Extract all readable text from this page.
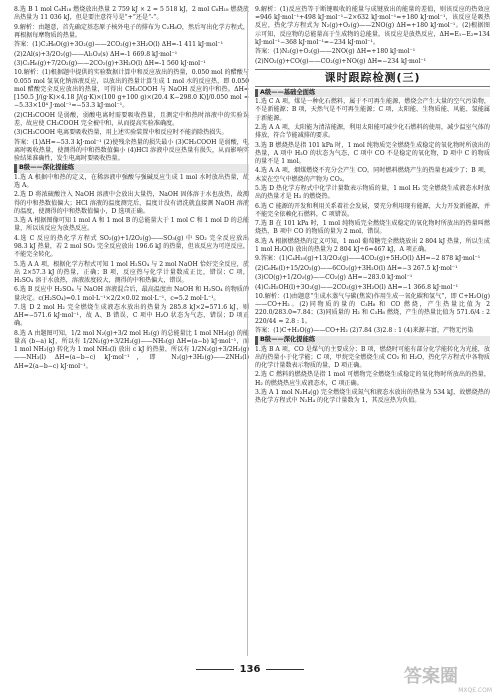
8.选 B 1 mol C₈H₁₈ 燃烧放出热量 2 759 kJ × 2 = 5 518 kJ，2 mol C₈H₁₈ 燃烧放出热量为 11 036 kJ，但是要注意符号是“+”还是“-”。

9.解析：由题意，首先确定基态原子核外电子的排布为 C₂H₆O，然后写出化学方程式，再根据每摩物质的热量。

答案：(1)C₂H₆O(g)+3O₂(g)——2CO₂(g)+3H₂O(l) ΔH=-1 411 kJ·mol⁻¹

(2)2Al(s)+3/2O₂(g)——Al₂O₃(s) ΔH=-1 669.8 kJ·mol⁻¹

(3)C₂H₆(g)+7/2O₂(g)——2CO₂(g)+3H₂O(l) ΔH=-1 560 kJ·mol⁻¹

10.解析：(1)根据题中提供的实验数据计算中和反应放出的热量，0.050 mol 的醋酸与 0.055 mol 氢氧化钠溶液反应，以放出的热量计算生成 1 mol 水的反应热，即 0.050 mol 醋酸完全反应放出的热量，可得出 CH₃COOH 与 NaOH 反应的中和热。ΔH=[150.5 J/(g·K)×4.18 J/(g·K)×(100 g+100 g)×(20.4 K−298.0 K)]/0.050 mol ≈ −5.33×10⁴ J·mol⁻¹=−53.3 kJ·mol⁻¹。

(2)CH₃COOH 是弱酸，弱酸电离时需要吸收热量，且测定中和热时溶液中的实验误差，故应使 CH₃COOH 完全被中和，从而提高实验准确度。

(3)CH₃COOH 电离要吸收热量，用上述实验装置中和反应时不能消除热损失。

答案：(1)ΔH=−53.3 kJ·mol⁻¹ (2)使残余热量的损失最小 (3)CH₃COOH 是弱酸，电离时吸收热量，使测得的中和热数值偏小 (4)HCl 溶液中反应热量有损失，从而影响实验结果准确性，发生电离时要吸收热量。

B级——深化提能练

1.选 A 根据中和热的定义，在稀溶液中强酸与强碱反应生成 1 mol 水时放出热量，故选 A。

2.选 D 将浓硫酸注入 NaOH 溶液中会放出大量热，NaOH 固体溶于水也放热，故测得的中和热数值偏大；HCl 溶液的温度测完后，温度计没有清洗就直接测 NaOH 溶液的温度，使测得的中和热数值偏小，D 选项正确。

3.选 A 根据图像可知 1 mol A 和 1 mol B 的总能量大于 1 mol C 和 1 mol D 的总能量，所以该反应为放热反应。

4.选 C 反应的热化学方程式 SO₂(g)+1/2O₂(g)——SO₃(g) 中 SO₂ 完全反应放出 98.3 kJ 热量，若 2 mol SO₂ 完全反应放出 196.6 kJ 的热量，但该反应为可逆反应，不能完全转化。

5.选 A A 项，根据化学方程式可知 1 mol H₂SO₄ 与 2 mol NaOH 恰好完全反应，放出 2×57.3 kJ 的热量，正确；B 项，反应热与化学计量数成正比，错误；C 项，H₂SO₄ 溶于水放热，溶液浓度较大，测得的中和热偏大，错误。

6.选 B 反应中 H₂SO₄ 与 NaOH 溶液混合后，最高温度由 NaOH 和 H₂SO₄ 的物质的量决定。c(H₂SO₄)=0.1 mol·L⁻¹×2/2×0.02 mol·L⁻¹，c=5.2 mol·L⁻¹。

7.选 D 2 mol H₂ 完全燃烧生成液态水放出的热量为 285.8 kJ×2=571.6 kJ，则 ΔH=−571.6 kJ·mol⁻¹，故 A、B 错误，C 项中 H₂O 状态为气态，错误；D 项正确。

8.选 A 由题图可知，1/2 mol N₂(g)+3/2 mol H₂(g) 的总能量比 1 mol NH₃(g) 的能量高 (b−a) kJ，所以有 1/2N₂(g)+3/2H₂(g)——NH₃(g) ΔH=(a−b) kJ·mol⁻¹，而 1 mol NH₃(g) 转化为 1 mol NH₃(l) 放出 c kJ 的热量，所以有 1/2N₂(g)+3/2H₂(g)——NH₃(l) ΔH=(a−b−c) kJ·mol⁻¹，即 N₂(g)+3H₂(g)——2NH₃(l) ΔH=2(a−b−c) kJ·mol⁻¹。

9.解析：(1)反应热等于断键吸收的能量与成键放出的能量的差值，则该反应的热效应=946 kJ·mol⁻¹+498 kJ·mol⁻¹−2×632 kJ·mol⁻¹=+180 kJ·mol⁻¹，该反应是吸热反应，热化学方程式为 N₂(g)+O₂(g)——2NO(g) ΔH=+180 kJ·mol⁻¹。(2)根据图示可知，反应物的总能量高于生成物的总能量，该反应是放热反应，ΔH=E₁−E₂=134 kJ·mol⁻¹−368 kJ·mol⁻¹=−234 kJ·mol⁻¹。

答案：(1)N₂(g)+O₂(g)——2NO(g) ΔH=+180 kJ·mol⁻¹

(2)NO₂(g)+CO(g)——CO₂(g)+NO(g) ΔH=−234 kJ·mol⁻¹

课时跟踪检测(三)

A级——基础全面练

1.选 C A 项，煤是一种化石燃料，属于不可再生能源，燃烧会产生大量的空气污染物，不是新能源；B 项，天然气是不可再生能源；C 项，太阳能、生物质能、风能、氢能属于新能源。

2.选 A A 项，太阳能为清洁能源，利用太阳能可减少化石燃料的使用，减少温室气体的排放，符合节能减排的要求。

3.选 B 燃烧热是指 101 kPa 时，1 mol 纯物质完全燃烧生成稳定的氧化物时所放出的热量，A 项中 H₂O 的状态为气态，C 项中 CO 不是稳定的氧化物，D 项中 C 的物质的量不是 1 mol。

4.选 A A 项，烟煤燃烧不充分会产生 CO，同时燃料燃烧产生的热量也减少了；B 项，木炭在空气中燃烧的产物为 CO₂。

5.选 D 热化学方程式中化学计量数表示物质的量，1 mol H₂ 完全燃烧生成液态水时放出的热量才是 H₂ 的燃烧热。

6.选 C 能源的开发和利用关系着社会发展，要充分利用现有能源，大力开发新能源，并不能完全依赖化石燃料，C 项错误。

7.选 B 在 101 kPa 时，1 mol 纯物质完全燃烧生成稳定的氧化物时所放出的热量叫燃烧热，B 项中 CO 的物质的量为 2 mol，错误。

8.选 A 根据燃烧热的定义可知，1 mol 葡萄糖完全燃烧放出 2 804 kJ 热量，所以生成 1 mol H₂O(l) 放出的热量为 2 804 kJ÷6≈467 kJ，A 项正确。

9.答案：(1)C₄H₁₀(g)+13/2O₂(g)——4CO₂(g)+5H₂O(l) ΔH=−2 878 kJ·mol⁻¹

(2)C₆H₆(l)+15/2O₂(g)——6CO₂(g)+3H₂O(l) ΔH=−3 267.5 kJ·mol⁻¹

(3)CO(g)+1/2O₂(g)——CO₂(g) ΔH=−283.0 kJ·mol⁻¹

(4)C₂H₅OH(l)+3O₂(g)——2CO₂(g)+3H₂O(l) ΔH=−1 366.8 kJ·mol⁻¹

10.解析：(1)由题意“生成水蒸气与碳(焦炭)作用生成一氧化碳和氢气”，即 C+H₂O(g)——CO+H₂。(2)同物质的量的 C₃H₈ 和 CO 燃烧，产生热量比值为 2 220.0/283.0≈7.84；(3)同质量的 H₂ 和 C₃H₈ 燃烧，产生的热量比值为 571.6/4 : 2 220/44 ≈ 2.8 : 1。

答案：(1)C+H₂O(g)——CO+H₂ (2)7.84 (3)2.8 : 1 (4)来源丰富，产物无污染

B级——深化提能练

1.选 B A 项，CO 是煤气的主要成分；B 项，燃烧时可能有部分化学能转化为光能，放出的热量小于化学能；C 项，甲烷完全燃烧生成 CO₂ 和 H₂O，热化学方程式中各物质的化学计量数表示物质的量，D 项正确。

2.选 C 燃料的燃烧热是指 1 mol 可燃物完全燃烧生成稳定的氧化物时所放出的热量，H₂ 的燃烧热应生成液态水，C 项正确。

3.选 A 1 mol N₂H₄(g) 完全燃烧生成氮气和液态水放出的热量为 534 kJ，故燃烧热的热化学方程式中 N₂H₄ 的化学计量数为 1，其反应热为负值。

136	答案圈
MXQE.COM
